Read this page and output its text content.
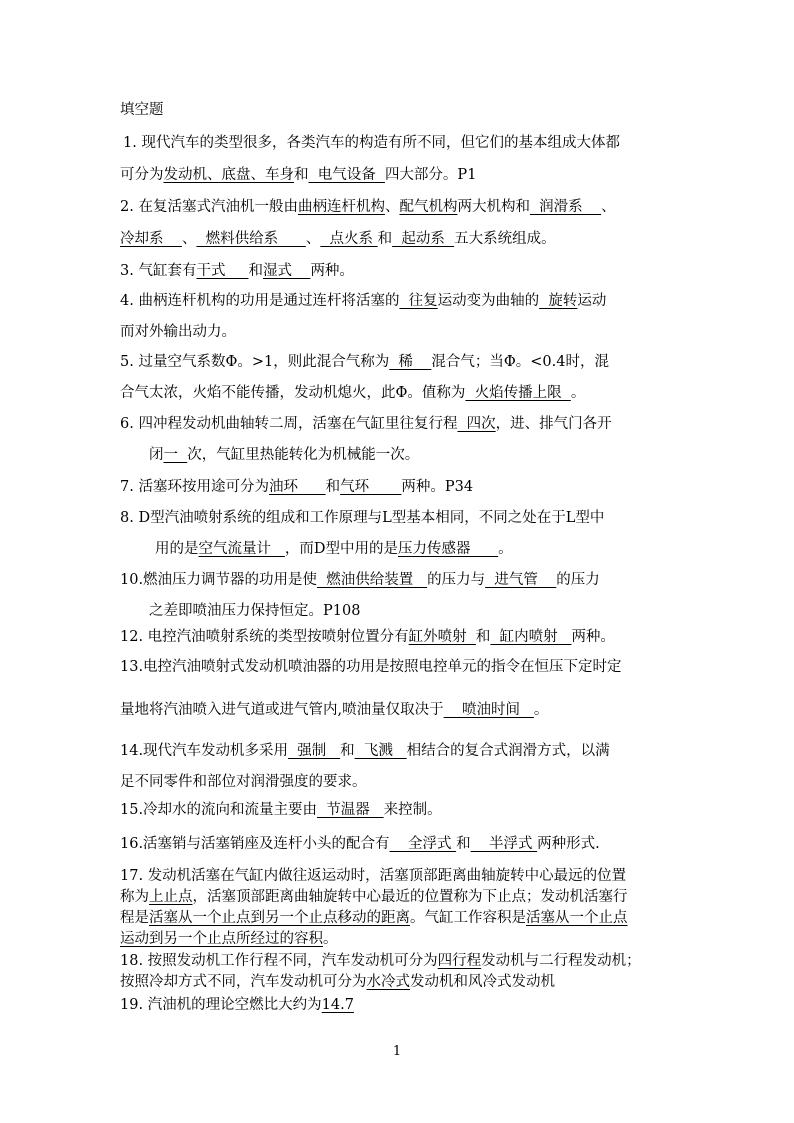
填空题
1. 现代汽车的类型很多，各类汽车的构造有所不同，但它们的基本组成大体都
可分为发动机、底盘、车身和  电气设备  四大部分。P1
2. 在复活塞式汽油机一般由曲柄连杆机构、配气机构两大机构和  润滑系    、
冷却系    、  燃料供给系      、  点火系 和  起动系  五大系统组成。
3. 气缸套有干式     和湿式    两种。
4. 曲柄连杆机构的功用是通过连杆将活塞的  往复运动变为曲轴的  旋转运动
而对外输出动力。
5. 过量空气系数Φ。>1，则此混合气称为  稀    混合气；当Φ。<0.4时，混
合气太浓，火焰不能传播，发动机熄火，此Φ。值称为  火焰传播上限  。
6. 四冲程发动机曲轴转二周，活塞在气缸里往复行程  四次，进、排气门各开
闭一  次，气缸里热能转化为机械能一次。
7. 活塞环按用途可分为油环      和气环       两种。P34
8. D型汽油喷射系统的组成和工作原理与L型基本相同，不同之处在于L型中
用的是空气流量计   ，而D型中用的是压力传感器      。
10.燃油压力调节器的功用是使  燃油供给装置   的压力与  进气管    的压力
之差即喷油压力保持恒定。P108
12. 电控汽油喷射系统的类型按喷射位置分有缸外喷射  和  缸内喷射   两种。
13.电控汽油喷射式发动机喷油器的功用是按照电控单元的指令在恒压下定时定
量地将汽油喷入进气道或进气管内,喷油量仅取决于    喷油时间   。
14.现代汽车发动机多采用  强制   和  飞溅   相结合的复合式润滑方式，以满
足不同零件和部位对润滑强度的要求。
15.冷却水的流向和流量主要由  节温器   来控制。
16.活塞销与活塞销座及连杆小头的配合有    全浮式 和    半浮式 两种形式.
17. 发动机活塞在气缸内做往返运动时，活塞顶部距离曲轴旋转中心最远的位置
称为上止点，活塞顶部距离曲轴旋转中心最近的位置称为下止点；发动机活塞行
程是活塞从一个止点到另一个止点移动的距离。气缸工作容积是活塞从一个止点
运动到另一个止点所经过的容积。
18. 按照发动机工作行程不同，汽车发动机可分为四行程发动机与二行程发动机；
按照冷却方式不同，汽车发动机可分为水冷式发动机和风冷式发动机
19. 汽油机的理论空燃比大约为14.7
1
